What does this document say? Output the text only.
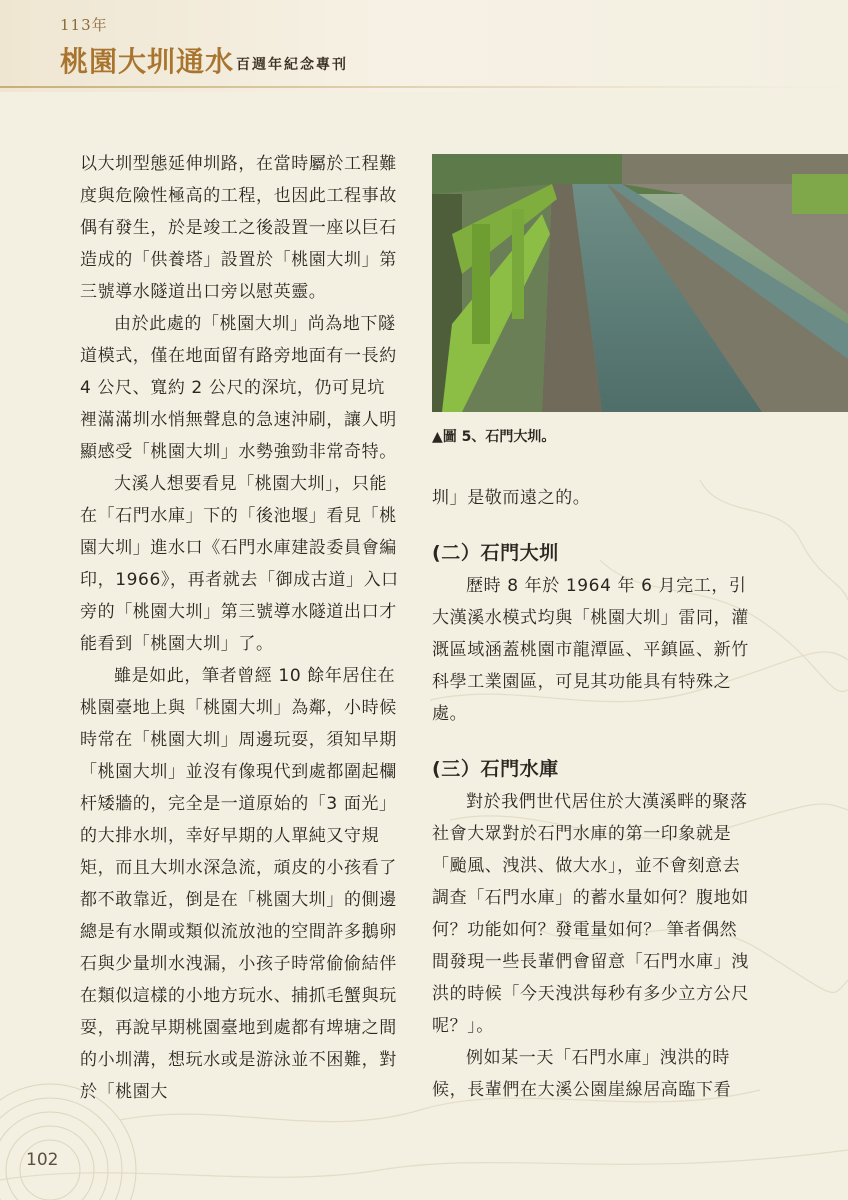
113年
桃園大圳通水 百週年紀念專刊

以大圳型態延伸圳路，在當時屬於工程難度與危險性極高的工程，也因此工程事故偶有發生，於是竣工之後設置一座以巨石造成的「供養塔」設置於「桃園大圳」第三號導水隧道出口旁以慰英靈。

由於此處的「桃園大圳」尚為地下隧道模式，僅在地面留有路旁地面有一長約 4 公尺、寬約 2 公尺的深坑，仍可見坑裡滿滿圳水悄無聲息的急速沖刷，讓人明顯感受「桃園大圳」水勢強勁非常奇特。

大溪人想要看見「桃園大圳」，只能在「石門水庫」下的「後池堰」看見「桃園大圳」進水口《石門水庫建設委員會編印，1966》，再者就去「御成古道」入口旁的「桃園大圳」第三號導水隧道出口才能看到「桃園大圳」了。

雖是如此，筆者曾經 10 餘年居住在桃園臺地上與「桃園大圳」為鄰，小時候時常在「桃園大圳」周邊玩耍，須知早期「桃園大圳」並沒有像現代到處都圍起欄杆矮牆的，完全是一道原始的「3 面光」的大排水圳，幸好早期的人單純又守規矩，而且大圳水深急流，頑皮的小孩看了都不敢靠近，倒是在「桃園大圳」的側邊總是有水閘或類似流放池的空間許多鵝卵石與少量圳水洩漏，小孩子時常偷偷結伴在類似這樣的小地方玩水、捕抓毛蟹與玩耍，再說早期桃園臺地到處都有埤塘之間的小圳溝，想玩水或是游泳並不困難，對於「桃園大

▲圖 5、石門大圳。

圳」是敬而遠之的。

(二）石門大圳

歷時 8 年於 1964 年 6 月完工，引大漢溪水模式均與「桃園大圳」雷同，灌溉區域涵蓋桃園市龍潭區、平鎮區、新竹科學工業園區，可見其功能具有特殊之處。

(三）石門水庫

對於我們世代居住於大漢溪畔的聚落社會大眾對於石門水庫的第一印象就是「颱風、洩洪、做大水」，並不會刻意去調查「石門水庫」的蓄水量如何？腹地如何？功能如何？發電量如何？ 筆者偶然間發現一些長輩們會留意「石門水庫」洩洪的時候「今天洩洪每秒有多少立方公尺呢？」。

例如某一天「石門水庫」洩洪的時候，長輩們在大溪公園崖線居高臨下看

102
